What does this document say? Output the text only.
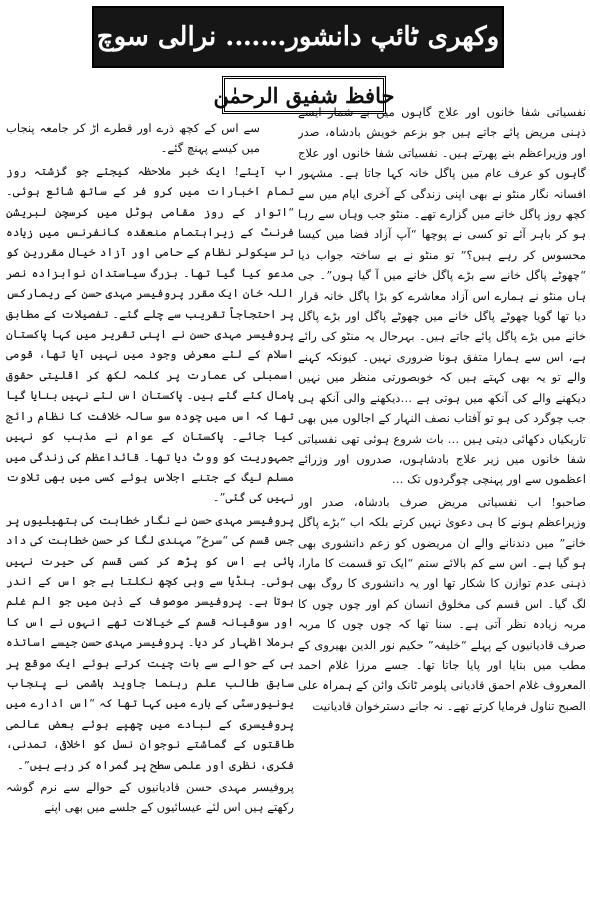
وکھری ٹائپ دانشور……. نرالی سوچ
حافظ شفیق الرحمٰن

نفسیاتی شفا خانوں اور علاج گاہوں میں بے شمار ایسے ذہنی مریض پائے جاتے ہیں جو بزعم خویش بادشاہ، صدر اور وزیراعظم بنے پھرتے ہیں۔ نفسیاتی شفا خانوں اور علاج گاہوں کو عرف عام میں پاگل خانہ کہا جاتا ہے۔ مشہور افسانہ نگار منٹو نے بھی اپنی زندگی کے آخری ایام میں سے کچھ روز پاگل خانے میں گزارے تھے۔ منٹو جب وہاں سے رہا ہو کر باہر آئے تو کسی نے پوچھا “آپ آزاد فضا میں کیسا محسوس کر رہے ہیں؟” تو منٹو نے بے ساختہ جواب دیا “چھوٹے پاگل خانے سے بڑے پاگل خانے میں آ گیا ہوں”۔ جی ہاں منٹو نے ہمارے اس آزاد معاشرے کو بڑا پاگل خانہ قرار دیا تھا گویا چھوٹے پاگل خانے میں چھوٹے پاگل اور بڑے پاگل خانے میں بڑے پاگل پائے جاتے ہیں۔ بہرحال یہ منٹو کی رائے ہے، اس سے ہمارا متفق ہونا ضروری نہیں۔ کیونکہ کہنے والے تو یہ بھی کہتے ہیں کہ خوبصورتی منظر میں نہیں دیکھنے والے کی آنکھ میں ہوتی ہے …دیکھنے والی آنکھ ہی جب چوگرد کی ہو تو آفتاب نصف النہار کے اجالوں میں بھی تاریکیاں دکھائی دیتی ہیں … بات شروع ہوئی تھی نفسیاتی شفا خانوں میں زیر علاج بادشاہوں، صدروں اور وزرائے اعظموں سے اور پہنچی چوگردوں تک …

صاحبو! اب نفسیاتی مریض صرف بادشاہ، صدر اور وزیراعظم ہونے کا ہی دعویٰ نہیں کرتے بلکہ اب “بڑے پاگل خانے” میں دندنانے والے ان مریضوں کو زعم دانشوری بھی ہو گیا ہے۔ اس سے کم بالائے ستم “ایک تو قسمت کا مارا، ذہنی عدم توازن کا شکار تھا اور یہ دانشوری کا روگ بھی لگ گیا۔ اس قسم کی مخلوق انسان کم اور چوں چوں کا مربہ زیادہ نظر آتی ہے۔ سنا تھا کہ چوں چوں کا مربہ صرف قادیانیوں کے پہلے “خلیفہ” حکیم نور الدین بھیروی کے مطب میں بنایا اور پایا جاتا تھا۔ جسے مرزا غلام احمد المعروف غلام احمق قادیانی پلومر ٹانک وائن کے ہمراہ علی الصبح تناول فرمایا کرتے تھے۔ نہ جانے دسترخوان قادیانیت

سے اس کے کچھ ذرے اور قطرے اڑ کر جامعہ پنجاب میں کیسے پہنچ گئے۔

اب آیئے! ایک خبر ملاحظہ کیجئے جو گزشتہ روز تمام اخبارات میں کرو فر کے ساتھ شائع ہوئی۔ “اتوار کے روز مقامی ہوٹل میں کرسچن لبریشن فرنٹ کے زیراہتمام منعقدہ کانفرنس میں زیادہ تر سیکولر نظام کے حامی اور آزاد خیال مقررین کو مدعو کیا گیا تھا۔ بزرگ سیاستدان نوابزادہ نصر اللہ خان ایک مقرر پروفیسر مہدی حسن کے ریمارکس پر احتجاجاً تقریب سے چلے گئے۔ تفصیلات کے مطابق پروفیسر مہدی حسن نے اپنی تقریر میں کہا پاکستان اسلام کے لئے معرض وجود میں نہیں آیا تھا، قومی اسمبلی کی عمارت پر کلمہ لکھ کر اقلیتی حقوق پامال کئے گئے ہیں۔ پاکستان اس لئے نہیں بنایا گیا تھا کہ اس میں چودہ سو سالہ خلافت کا نظام رائج کیا جائے۔ پاکستان کے عوام نے مذہب کو نہیں جمہوریت کو ووٹ دیا تھا۔ قائداعظم کی زندگی میں مسلم لیگ کے جتنے اجلاس ہوئے کسی میں بھی تلاوت نہیں کی گئی”۔

پروفیسر مہدی حسن نے نگار خطابت کی ہتھیلیوں پر جس قسم کی “سرخ” مہندی لگا کر حسن خطابت کی داد پائی ہے اس کو پڑھ کر کسی قسم کی حیرت نہیں ہوئی۔ ہنڈیا سے وہی کچھ نکلتا ہے جو اس کے اندر ہوتا ہے۔ پروفیسر موصوف کے ذہن میں جو الم غلم اور سوقیانہ قسم کے خیالات تھے انہوں نے اس کا برملا اظہار کر دیا۔ پروفیسر مہدی حسن جیسے اساتذہ ہی کے حوالے سے بات چیت کرتے ہوئے ایک موقع پر سابق طالب علم رہنما جاوید ہاشمی نے پنجاب یونیورسٹی کے بارے میں کہا تھا کہ “اس ادارے میں پروفیسری کے لبادے میں چھپے ہوئے بعض عالمی طاقتوں کے گماشتے نوجوان نسل کو اخلاقی، تمدنی، فکری، نظری اور علمی سطح پر گمراہ کر رہے ہیں”۔

پروفیسر مہدی حسن قادیانیوں کے حوالے سے نرم گوشہ رکھتے ہیں اس لئے عیسائیوں کے جلسے میں بھی اپنے
